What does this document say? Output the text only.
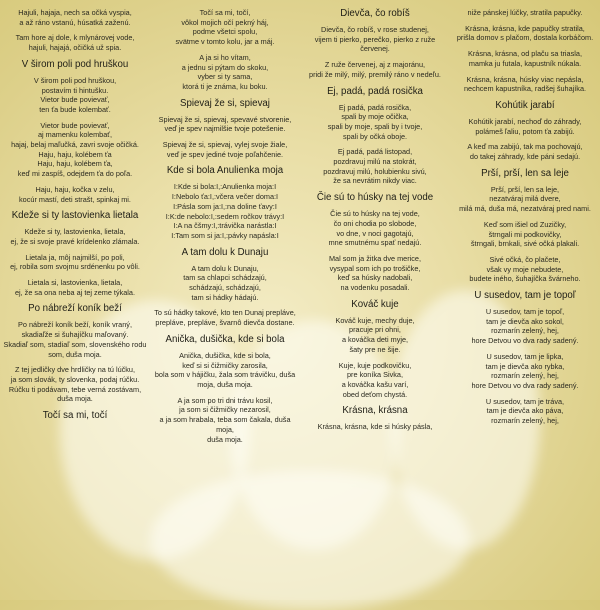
Hajuli, hajaja, nech sa očká vyspia,
a až ráno vstanú, húsatká zaženú.

Tam hore aj dole, k mlynárovej vode,
hajuli, hajajá, očičká už spia.

V širom poli pod hruškou

V širom poli pod hruškou,
postavím ti hintušku.
Vietor bude povievať,
ten ťa bude kolembať.

Vietor bude povievať,
aj mamenku kolembať,
hajaj, belaj maľučká, zavri svoje očičká.
Haju, haju, kolébem ťa
Haju, haju, kolébem ťa,
keď mi zaspíš, odejdem ťa do poľa.

Haju, haju, kočka v zelu,
kocúr mastí, deti strašt, spinkaj mi.

Kdeže si ty lastovienka lietala

Kdeže si ty, lastovienka, lietala,
ej, že si svoje pravé krídelenko zlámala.

Lietala ja, môj najmilší, po poli,
ej, robila som svojmu srdénenku po vôli.

Lietala si, lastovienka, lietala,
ej, že sa ona neba aj tej zeme týkala.

Po nábreží koník beží

Po nábreží koník beží, koník vraný,
skadiaľže si šuhajíčku maľovaný.
Skadiaľ som, stadiaľ som, slovenského rodu
som, duša moja.

Z tej jedličky dve hrdličky na tú lúčku,
ja som slovák, ty slovenka, podaj rúčku.
Rúčku ti podávam, tebe verná zostávam,
duša moja.

Točí sa mi, točí

Točí sa mi, točí,
vôkol mojich očí pekný háj,
podme všetci spolu,
svätme v tomto kolu, jar a máj.

A ja si ho vítam,
a jednu si pýtam do skoku,
vyber si ty sama,
ktorá ti je známa, ku boku.

Spievaj že si, spievaj

Spievaj že si, spievaj, spevavé stvorenie,
veď je spev najmilšie tvoje potešenie.

Spievaj že si, spievaj, vylej svoje žiale,
veď je spev jediné tvoje poľahčenie.

Kde si bola Anulienka moja

I:Kde si bola:I,:Anulienka moja:I
I:Nebolo ťa:I,:včera večer doma:I
I:Pásla som ja:I,:na dolinе ťavy:I
I:K:de nebolo:I,:sedem ročkov trávy:I
I:A na čšmy:I,:trávička narástla:I
I:Tam som si ja:I,:pávky napásla:I

A tam dolu k Dunaju

A tam dolu k Dunaju,
tam sa chlapci schádzajú,
schádzajú, schádzajú,
tam si hádky hádajú.

To sú hádky takové, kto ten Dunaj preplávе,
preplávе, preplávе, švarnô dievča dostane.

Anička, dušička, kde si bola

Anička, dušička, kde si bola,
keď si si čižmičky zarosila,
bola som v hájičku, žala som trávičku, duša
moja, duša moja.

A ja som po tri dni trávu kosil,
ja som si čižmičky nezarosil,
a ja som hrabala, teba som čakala, duša moja,
duša moja.

Dievča, čo robíš

Dievča, čo robíš, v rose studenej,
vijem ti pierko, perečko, pierko z ruže červenej.

Z ruže červenej, aj z majoránu,
pridi že milý, milý, premilý ráno v nedeľu.

Ej, padá, padá rosička

Ej padá, padá rosička,
spali by moje očička,
spali by moje, spali by i tvoje,
spali by očká oboje.

Ej padá, padá listopad,
pozdravuj milú na stokrát,
pozdravuj milú, holubienku sivú,
že sa nevrátim nikdy viac.

Čie sú to húsky na tej vode

Čie sú to húsky na tej vode,
čo oni chodia po slobode,
vo dne, v noci gagotajú,
mne smutnému spať nedajú.

Mal som ja žitka dve merice,
vysypal som ich po trošičke,
keď sa húsky nadobali,
na vodenku posadali.

Kováč kuje

Kováč kuje, mechy duje,
pracuje pri ohni,
a kováčka deti myje,
šaty pre ne šije.

Kuje, kuje podkovičku,
pre koníka Sivka,
a kováčka kašu varí,
obed deťom chystá.

Krásna, krásna

Krásna, krásna, kde si húsky pásla,

niže pánskej lúčky, stratila papučky.

Krásna, krásna, kde papučky stratila,
prišla domov s plačom, dostala korbáčom.

Krásna, krásna, od plaču sa triasla,
mamka ju futala, kapustník núkala.

Krásna, krásna, húsky viac nepásla,
nechcem kapustníka, radšej šuhajíka.

Kohútik jarabí

Kohútik jarabí, nechoď do záhrady,
polámeš ľaliu, potom ťa zabijú.

A keď ma zabijú, tak ma pochovajú,
do takej záhrady, kde páni sedajú.

Prší, prší, len sa leje

Prší, prší, len sa leje,
nezatváraj milá dvere,
milá má, duša má, nezatváraj pred nami.

Keď som išiel od Zuzičky,
štrngali mi podkovičky,
štrngali, brnkali, sivé očká plakali.

Sivé očká, čo plačete,
však vy moje nebudete,
budete iného, šuhajíčka švárneho.

U susedov, tam je topoľ

U susedov, tam je topoľ,
tam je dievča ako sokol,
rozmarín zelený, hej,
hore Detvou vo dva rady sadený.

U susedov, tam je lipka,
tam je dievča ako rybka,
rozmarín zelený, hej,
hore Detvou vo dva rady sadený.

U susedov, tam je tráva,
tam je dievča ako páva,
rozmarín zelený, hej,
